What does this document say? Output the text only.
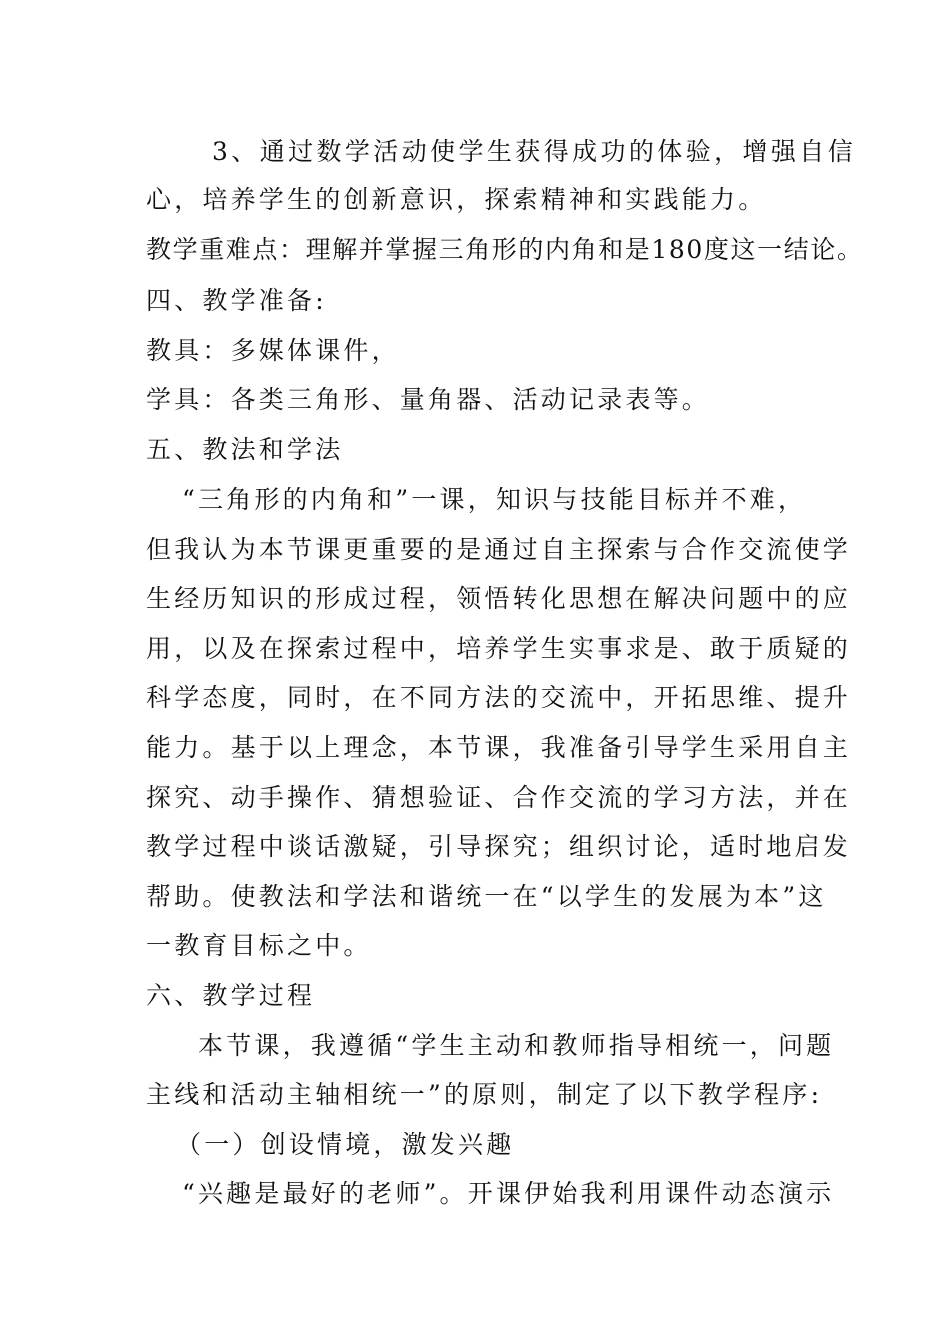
3、通过数学活动使学生获得成功的体验，增强自信
心，培养学生的创新意识，探索精神和实践能力。
教学重难点：理解并掌握三角形的内角和是180度这一结论。
四、教学准备:
教具：多媒体课件，
学具：各类三角形、量角器、活动记录表等。
五、教法和学法
“三角形的内角和”一课，知识与技能目标并不难，
但我认为本节课更重要的是通过自主探索与合作交流使学
生经历知识的形成过程，领悟转化思想在解决问题中的应
用，以及在探索过程中，培养学生实事求是、敢于质疑的
科学态度，同时，在不同方法的交流中，开拓思维、提升
能力。基于以上理念，本节课，我准备引导学生采用自主
探究、动手操作、猜想验证、合作交流的学习方法，并在
教学过程中谈话激疑，引导探究；组织讨论，适时地启发
帮助。使教法和学法和谐统一在“以学生的发展为本”这
一教育目标之中。
六、教学过程
本节课，我遵循“学生主动和教师指导相统一，问题
主线和活动主轴相统一”的原则，制定了以下教学程序:
（一）创设情境，激发兴趣
“兴趣是最好的老师”。开课伊始我利用课件动态演示
